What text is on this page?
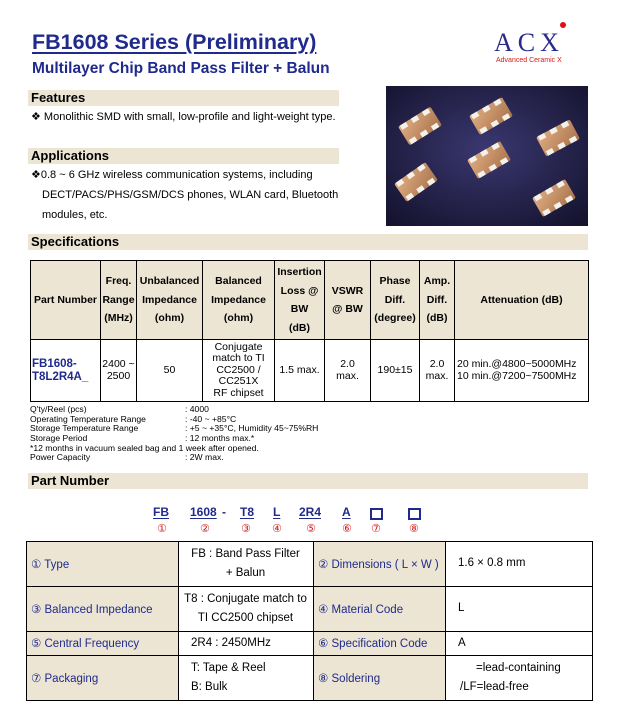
FB1608 Series (Preliminary)
Multilayer Chip Band Pass Filter + Balun
ACX
Advanced Ceramic X
Features
❖ Monolithic SMD with small, low-profile and light-weight type.
Applications
❖0.8 ~ 6 GHz wireless communication systems, including
DECT/PACS/PHS/GSM/DCS phones, WLAN card, Bluetooth
modules, etc.
Specifications
Part Number	Freq.
Range
(MHz)	Unbalanced
Impedance
(ohm)	Balanced
Impedance
(ohm)	Insertion
Loss @
BW
(dB)	VSWR
@ BW	Phase
Diff.
(degree)	Amp.
Diff.
(dB)	Attenuation (dB)
FB1608-
T8L2R4A_	2400 ~
2500	50	Conjugate
match to TI
CC2500 /
CC251X
RF chipset	1.5 max.	2.0
max.	190±15	2.0
max.	20 min.@4800~5000MHz
10 min.@7200~7500MHz
Q'ty/Reel (pcs)	: 4000
Operating Temperature Range	: -40 ~ +85°C
Storage Temperature Range	: +5 ~ +35°C, Humidity 45~75%RH
Storage Period	: 12 months max.*
*12 months in vacuum sealed bag and 1 week after opened.
Power Capacity	: 2W max.
Part Number
FB 1608 - T8 L 2R4 A
①	②	③ ④ ⑤ ⑥ ⑦	⑧
① Type	FB : Band Pass Filter
+ Balun	② Dimensions ( L × W )	1.6 × 0.8 mm
③ Balanced Impedance	T8 : Conjugate match to
TI CC2500 chipset	④ Material Code	L
⑤ Central Frequency	2R4 : 2450MHz	⑥ Specification Code	A
⑦ Packaging	T: Tape & Reel
B: Bulk	⑧ Soldering	=lead-containing
/LF=lead-free
